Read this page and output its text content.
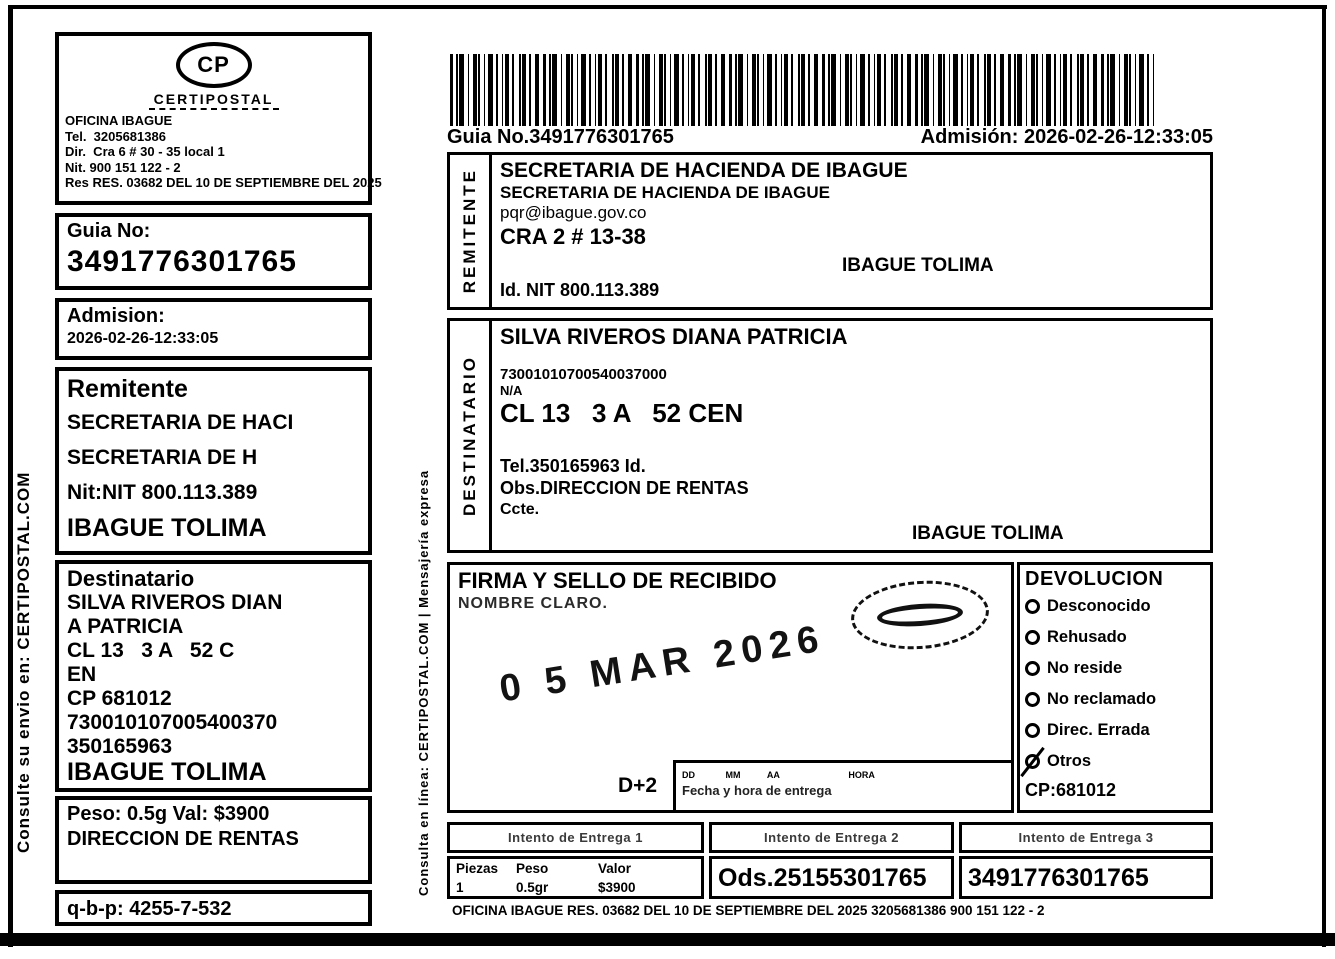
Consulte su envio en: CERTIPOSTAL.COM	Consulta en línea: CERTIPOSTAL.COM | Mensajería expresa
CP
CERTIPOSTAL
OFICINA IBAGUE
Tel.  3205681386
Dir.  Cra 6 # 30 - 35 local 1
Nit. 900 151 122 - 2
Res RES. 03682 DEL 10 DE SEPTIEMBRE DEL 2025
Guia No:
3491776301765
Admision:
2026-02-26-12:33:05
Remitente
SECRETARIA DE HACI
SECRETARIA DE H
Nit:NIT 800.113.389
IBAGUE TOLIMA
Destinatario
SILVA RIVEROS DIAN
A PATRICIA
CL 13   3 A   52 C
EN
CP 681012
730010107005400370
350165963
IBAGUE TOLIMA
Peso: 0.5g Val: $3900
DIRECCION DE RENTAS
q-b-p: 4255-7-532
Guia No.3491776301765	Admisión: 2026-02-26-12:33:05
REMITENTE SECRETARIA DE HACIENDA DE IBAGUE
SECRETARIA DE HACIENDA DE IBAGUE
pqr@ibague.gov.co
CRA 2 # 13-38
IBAGUE TOLIMA
Id. NIT 800.113.389
DESTINATARIO
SILVA RIVEROS DIANA PATRICIA
73001010700540037000
N/A
CL 13   3 A   52 CEN
Tel.350165963 Id.
Obs.DIRECCION DE RENTAS
Ccte.
IBAGUE TOLIMA
FIRMA Y SELLO DE RECIBIDO
NOMBRE CLARO.
0 5 MAR 2026
D+2	DD	MM	AA	HORA
Fecha y hora de entrega
DEVOLUCION
Desconocido
Rehusado
No reside
No reclamado
Direc. Errada
Otros
CP:681012
Intento de Entrega 1	Intento de Entrega 2	Intento de Entrega 3
Piezas	Peso	Valor
1	0.5gr	$3900	Ods.25155301765	3491776301765
OFICINA IBAGUE RES. 03682 DEL 10 DE SEPTIEMBRE DEL 2025 3205681386 900 151 122 - 2
